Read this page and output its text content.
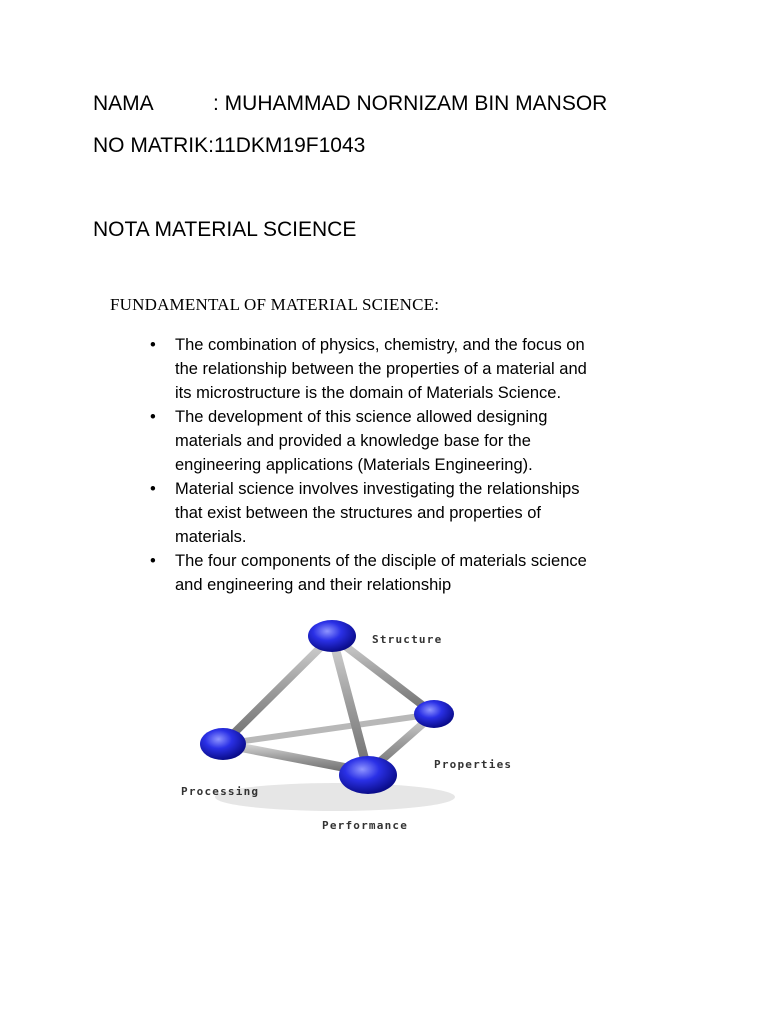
NAMA	: MUHAMMAD NORNIZAM BIN MANSOR
NO MATRIK:11DKM19F1043
NOTA MATERIAL SCIENCE
FUNDAMENTAL OF MATERIAL SCIENCE:
• The combination of physics, chemistry, and the focus on
the relationship between the properties of a material and
its microstructure is the domain of Materials Science.
• The development of this science allowed designing
materials and provided a knowledge base for the
engineering applications (Materials Engineering).
• Material science involves investigating the relationships
that exist between the structures and properties of
materials.
• The four components of the disciple of materials science
and engineering and their relationship
Structure
Properties
Processing
Performance
